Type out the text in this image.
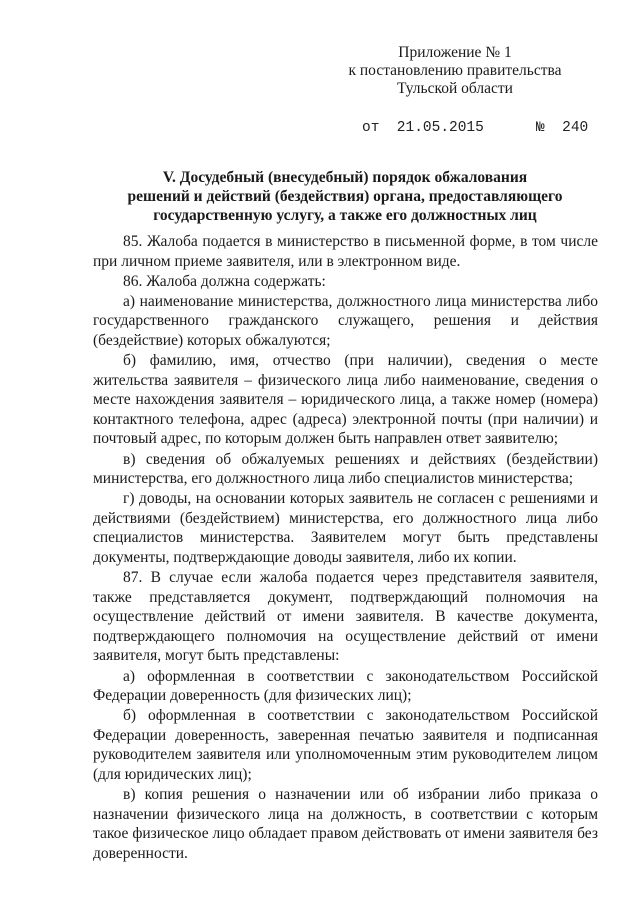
Приложение № 1
к постановлению правительства
Тульской области
от  21.05.2015      №  240
V. Досудебный (внесудебный) порядок обжалования
решений и действий (бездействия) органа, предоставляющего
государственную услугу, а также его должностных лиц

85. Жалоба подается в министерство в письменной форме, в том числе при личном приеме заявителя, или в электронном виде.

86. Жалоба должна содержать:

а) наименование министерства, должностного лица министерства либо государственного гражданского служащего, решения и действия (бездействие) которых обжалуются;

б) фамилию, имя, отчество (при наличии), сведения о месте жительства заявителя – физического лица либо наименование, сведения о месте нахождения заявителя – юридического лица, а также номер (номера) контактного телефона, адрес (адреса) электронной почты (при наличии) и почтовый адрес, по которым должен быть направлен ответ заявителю;

в) сведения об обжалуемых решениях и действиях (бездействии) министерства, его должностного лица либо специалистов министерства;

г) доводы, на основании которых заявитель не согласен с решениями и действиями (бездействием) министерства, его должностного лица либо специалистов министерства. Заявителем могут быть представлены документы, подтверждающие доводы заявителя, либо их копии.

87. В случае если жалоба подается через представителя заявителя, также представляется документ, подтверждающий полномочия на осуществление действий от имени заявителя. В качестве документа, подтверждающего полномочия на осуществление действий от имени заявителя, могут быть представлены:

а) оформленная в соответствии с законодательством Российской Федерации доверенность (для физических лиц);

б) оформленная в соответствии с законодательством Российской Федерации доверенность, заверенная печатью заявителя и подписанная руководителем заявителя или уполномоченным этим руководителем лицом (для юридических лиц);

в) копия решения о назначении или об избрании либо приказа о назначении физического лица на должность, в соответствии с которым такое физическое лицо обладает правом действовать от имени заявителя без доверенности.
